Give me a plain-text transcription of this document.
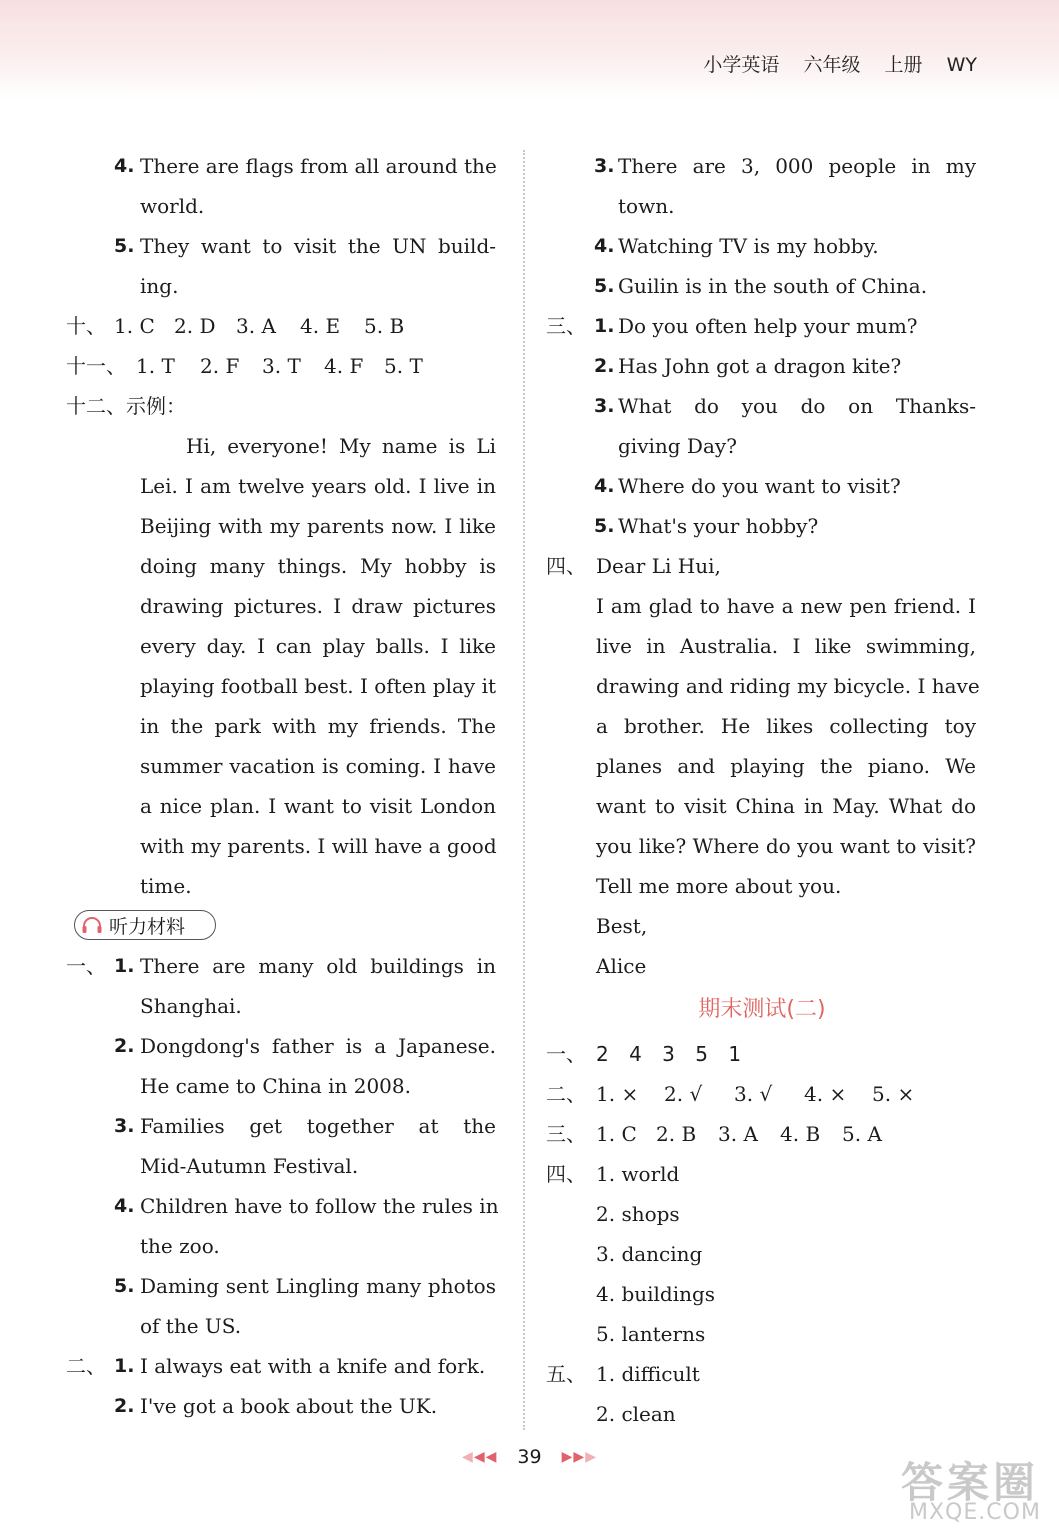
小学英语 六年级 上册 WY
4. There are flags from all around the
world.
5. They want to visit the UN build-
ing.
十、 1. C 2. D 3. A 4. E 5. B
十一、 1. T 2. F 3. T 4. F 5. T
十二、示例：
Hi, everyone! My name is Li
Lei. I am twelve years old. I live in
Beijing with my parents now. I like
doing many things. My hobby is
drawing pictures. I draw pictures
every day. I can play balls. I like
playing football best. I often play it
in the park with my friends. The
summer vacation is coming. I have
a nice plan. I want to visit London
with my parents. I will have a good
time.
听力材料
一、 1. There are many old buildings in
Shanghai.
2. Dongdong's father is a Japanese.
He came to China in 2008.
3. Families get together at the
Mid-Autumn Festival.
4. Children have to follow the rules in
the zoo.
5. Daming sent Lingling many photos
of the US.
二、 1. I always eat with a knife and fork.
2. I've got a book about the UK.
3. There are 3, 000 people in my
town.
4. Watching TV is my hobby.
5. Guilin is in the south of China.
三、 1. Do you often help your mum?
2. Has John got a dragon kite?
3. What do you do on Thanks-
giving Day?
4. Where do you want to visit?
5. What's your hobby?
四、 Dear Li Hui,
I am glad to have a new pen friend. I
live in Australia. I like swimming,
drawing and riding my bicycle. I have
a brother. He likes collecting toy
planes and playing the piano. We
want to visit China in May. What do
you like? Where do you want to visit?
Tell me more about you.
Best,
Alice
期末测试(二)
一、 2 4 3 5 1
二、 1. × 2. √ 3. √ 4. × 5. ×
三、 1. C 2. B 3. A 4. B 5. A
四、 1. world
2. shops
3. dancing
4. buildings
5. lanterns
五、 1. difficult
2. clean
◀◀◀ 39 ▶▶▶
答案圈
MXQE.COM
